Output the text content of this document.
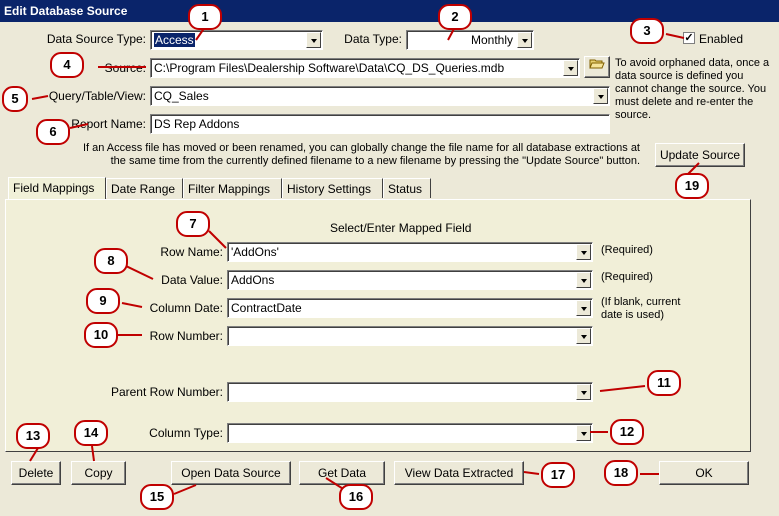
Edit Database Source
Data Source Type: Access	Data Type:	Monthly	✓ Enabled
Source: C:\Program Files\Dealership Software\Data\CQ_DS_Queries.mdb	To avoid orphaned data, once a data source is defined you cannot change the source. You must delete and re-enter the source.
Query/Table/View: CQ_Sales
Report Name: DS Rep Addons
If an Access file has moved or been renamed, you can globally change the file name for all database extractions at the same time from the currently defined filename to a new filename by pressing the "Update Source" button.	Update Source
Field Mappings	Date Range	Filter Mappings	History Settings	Status
Select/Enter Mapped Field
Row Name: 'AddOns'	(Required)
Data Value: AddOns	(Required)
Column Date: ContractDate	(If blank, current
date is used)
Row Number:
Parent Row Number:
Column Type:
Delete	Copy	Open Data Source	Get Data	View Data Extracted	OK
1	2
3
4
5
6
7
8
9
10
11
12
13	14
15	16
17	18
19
